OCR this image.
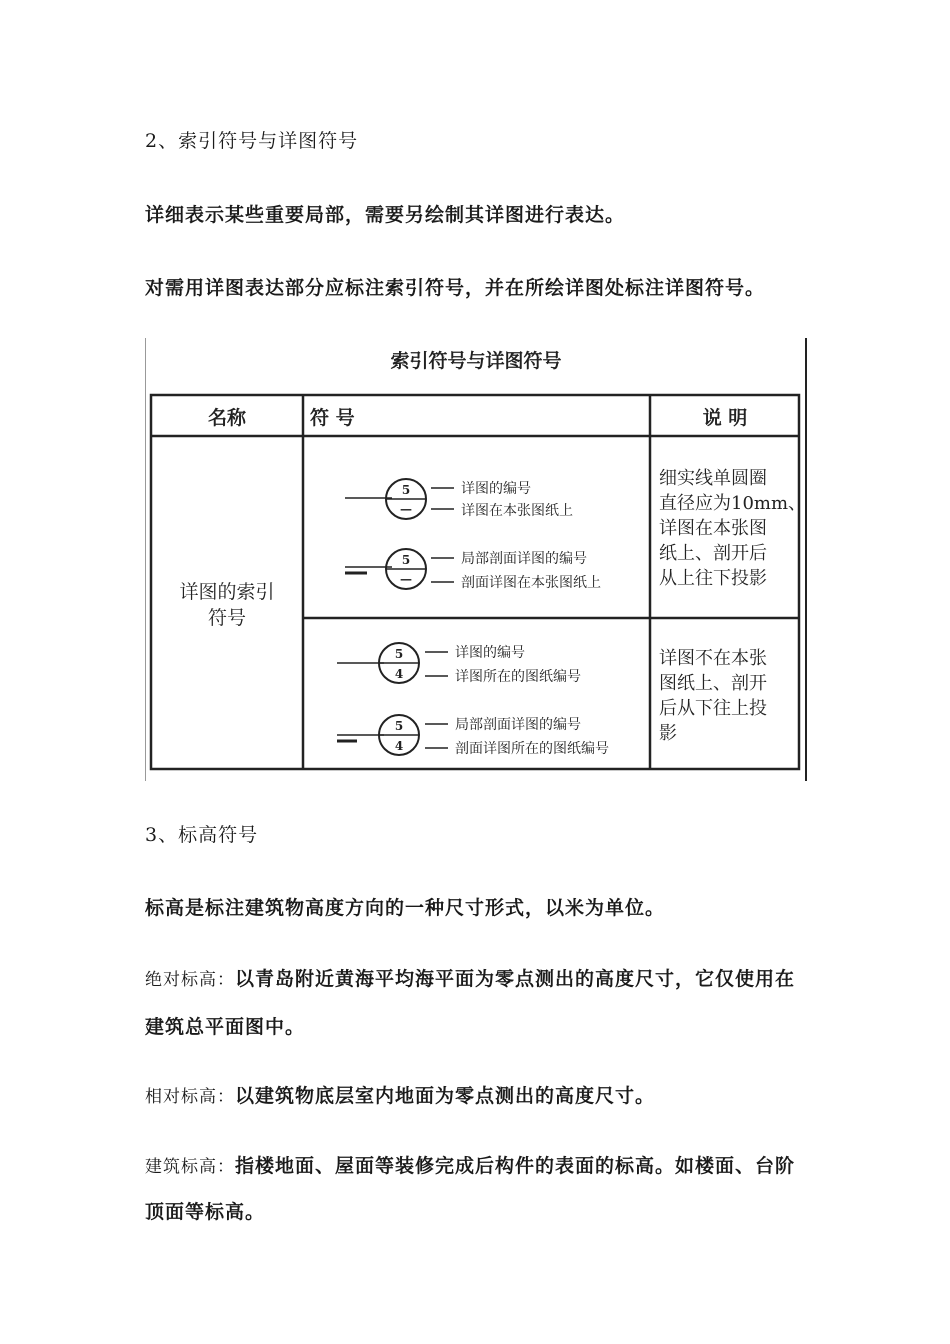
2、索引符号与详图符号
详细表示某些重要局部，需要另绘制其详图进行表达。
对需用详图表达部分应标注索引符号，并在所绘详图处标注详图符号。
索引符号与详图符号
名称	符 号	说 明
详图的索引
符号
5
—
详图的编号
详图在本张图纸上
5
—
局部剖面详图的编号
剖面详图在本张图纸上
细实线单圆圈
直径应为10mm、
详图在本张图
纸上、剖开后
从上往下投影
5
4
详图的编号
详图所在的图纸编号
5
4
局部剖面详图的编号
剖面详图所在的图纸编号
详图不在本张
图纸上、剖开
后从下往上投
影
3、标高符号
标高是标注建筑物高度方向的一种尺寸形式，以米为单位。
绝对标高：以青岛附近黄海平均海平面为零点测出的高度尺寸，它仅使用在
建筑总平面图中。
相对标高：以建筑物底层室内地面为零点测出的高度尺寸。
建筑标高：指楼地面、屋面等装修完成后构件的表面的标高。如楼面、台阶
顶面等标高。
